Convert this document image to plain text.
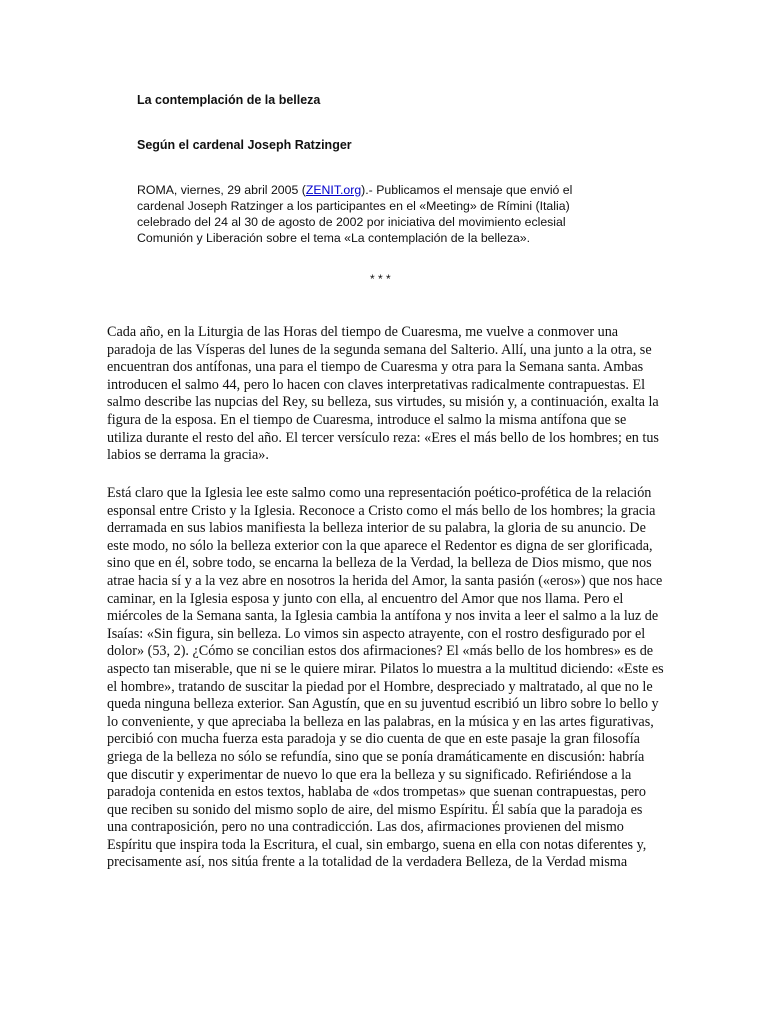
La contemplación de la belleza

Según el cardenal Joseph Ratzinger

ROMA, viernes, 29 abril 2005 (ZENIT.org).- Publicamos el mensaje que envió el cardenal Joseph Ratzinger a los participantes en el «Meeting» de Rímini (Italia) celebrado del 24 al 30 de agosto de 2002 por iniciativa del movimiento eclesial Comunión y Liberación sobre el tema «La contemplación de la belleza».

* * *

Cada año, en la Liturgia de las Horas del tiempo de Cuaresma, me vuelve a conmover una paradoja de las Vísperas del lunes de la segunda semana del Salterio. Allí, una junto a la otra, se encuentran dos antífonas, una para el tiempo de Cuaresma y otra para la Semana santa. Ambas introducen el salmo 44, pero lo hacen con claves interpretativas radicalmente contrapuestas. El salmo describe las nupcias del Rey, su belleza, sus virtudes, su misión y, a continuación, exalta la figura de la esposa. En el tiempo de Cuaresma, introduce el salmo la misma antífona que se utiliza durante el resto del año. El tercer versículo reza: «Eres el más bello de los hombres; en tus labios se derrama la gracia».

Está claro que la Iglesia lee este salmo como una representación poético-profética de la relación esponsal entre Cristo y la Iglesia. Reconoce a Cristo como el más bello de los hombres; la gracia derramada en sus labios manifiesta la belleza interior de su palabra, la gloria de su anuncio. De este modo, no sólo la belleza exterior con la que aparece el Redentor es digna de ser glorificada, sino que en él, sobre todo, se encarna la belleza de la Verdad, la belleza de Dios mismo, que nos atrae hacia sí y a la vez abre en nosotros la herida del Amor, la santa pasión («eros») que nos hace caminar, en la Iglesia esposa y junto con ella, al encuentro del Amor que nos llama. Pero el miércoles de la Semana santa, la Iglesia cambia la antífona y nos invita a leer el salmo a la luz de Isaías: «Sin figura, sin belleza. Lo vimos sin aspecto atrayente, con el rostro desfigurado por el dolor» (53, 2). ¿Cómo se concilian estos dos afirmaciones? El «más bello de los hombres» es de aspecto tan miserable, que ni se le quiere mirar. Pilatos lo muestra a la multitud diciendo: «Este es el hombre», tratando de suscitar la piedad por el Hombre, despreciado y maltratado, al que no le queda ninguna belleza exterior. San Agustín, que en su juventud escribió un libro sobre lo bello y lo conveniente, y que apreciaba la belleza en las palabras, en la música y en las artes figurativas, percibió con mucha fuerza esta paradoja y se dio cuenta de que en este pasaje la gran filosofía griega de la belleza no sólo se refundía, sino que se ponía dramáticamente en discusión: habría que discutir y experimentar de nuevo lo que era la belleza y su significado. Refiriéndose a la paradoja contenida en estos textos, hablaba de «dos trompetas» que suenan contrapuestas, pero que reciben su sonido del mismo soplo de aire, del mismo Espíritu. Él sabía que la paradoja es una contraposición, pero no una contradicción. Las dos, afirmaciones provienen del mismo Espíritu que inspira toda la Escritura, el cual, sin embargo, suena en ella con notas diferentes y, precisamente así, nos sitúa frente a la totalidad de la verdadera Belleza, de la Verdad misma
